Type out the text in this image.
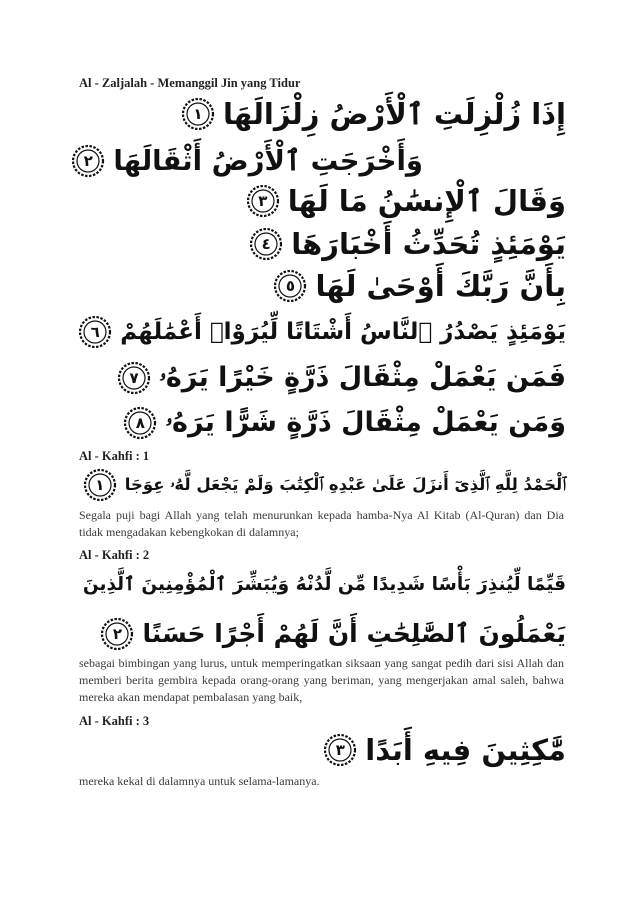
Al - Zaljalah - Memanggil Jin yang Tidur
إِذَا زُلْزِلَتِ ٱلْأَرْضُ زِلْزَالَهَا
١
وَأَخْرَجَتِ ٱلْأَرْضُ أَثْقَالَهَا
٢
وَقَالَ ٱلْإِنسَٰنُ مَا لَهَا
٣
يَوْمَئِذٍ تُحَدِّثُ أَخْبَارَهَا
٤
بِأَنَّ رَبَّكَ أَوْحَىٰ لَهَا
٥
يَوْمَئِذٍ يَصْدُرُ ٱلنَّاسُ أَشْتَاتًا لِّيُرَوْا۟ أَعْمَٰلَهُمْ
٦
فَمَن يَعْمَلْ مِثْقَالَ ذَرَّةٍ خَيْرًا يَرَهُۥ
٧
وَمَن يَعْمَلْ مِثْقَالَ ذَرَّةٍ شَرًّا يَرَهُۥ
٨
Al - Kahfi : 1
ٱلْحَمْدُ لِلَّهِ ٱلَّذِىٓ أَنزَلَ عَلَىٰ عَبْدِهِ ٱلْكِتَٰبَ وَلَمْ يَجْعَل لَّهُۥ عِوَجَا
١
Segala puji bagi Allah yang telah menurunkan kepada hamba-Nya Al Kitab (Al-Quran) dan Dia tidak mengadakan kebengkokan di dalamnya;
Al - Kahfi : 2
قَيِّمًا لِّيُنذِرَ بَأْسًا شَدِيدًا مِّن لَّدُنْهُ وَيُبَشِّرَ ٱلْمُؤْمِنِينَ ٱلَّذِينَ
يَعْمَلُونَ ٱلصَّٰلِحَٰتِ أَنَّ لَهُمْ أَجْرًا حَسَنًا
٢
sebagai bimbingan yang lurus, untuk memperingatkan siksaan yang sangat pedih dari sisi Allah dan memberi berita gembira kepada orang-orang yang beriman, yang mengerjakan amal saleh, bahwa mereka akan mendapat pembalasan yang baik,
Al - Kahfi : 3
مَّٰكِثِينَ فِيهِ أَبَدًا
٣
mereka kekal di dalamnya untuk selama-lamanya.
